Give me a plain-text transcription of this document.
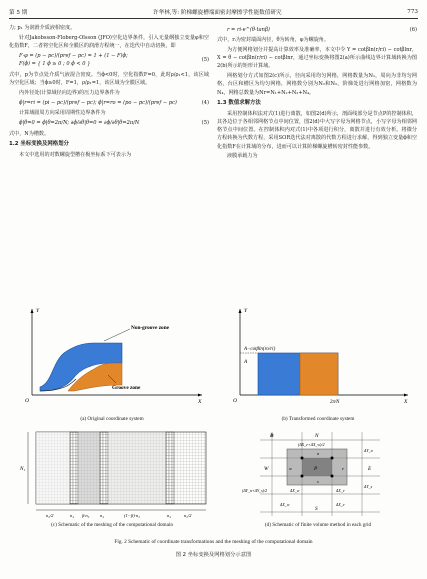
第 5 期	许华林,等: 阶梯螺旋槽端面密封摩擦学性能数值研究	773

力; p₁ 为润滑介质液相密度。

针对Jakobsson-Floberg-Olsson (JFO)空化边界条件，引入无量纲独立变量φ和空化指数F，二者将空化区和全膜区的润滑方程统一，在迭代中自动切换，即

F·φ = (p − pc)/(pref − pc) = 1 + (1 − F)ϕ;
F(ϕ) = { 1 ϕ ≥ 0 ; 0 ϕ < 0 }
(5)

式中，p为节点处介质气液混合密度。当ϕ<0时，空化指数F=0，此时ρ/ρ₁<1，该区域为空化区域；当ϕ≥0时，F=1，ρ/ρ₁=1，该区域为全膜区域。

内外径处(计算域径向边界)的压力边界条件为

ϕ|r=ri = (pi − pc)/(pref − pc); ϕ|r=ro = (po − pc)/(pref − pc)	(4)

计算域圆周方向采用周期性边界条件为

ϕ|θ=0 = ϕ|θ=2π/N; ∂ϕ/∂θ|θ=0 = ∂ϕ/∂θ|θ=2π/N	(5)

式中，N为槽数。

1.2 坐标变换及网格划分

本文中选用的对数螺旋型槽在极坐标系下可表示为

r = ri·e^(θ·tanβ)	(6)

式中，rᵢ为密封端面内径，θ为转角，φ为螺旋角。

为方便网格划分并提高计算效率及准确率，本文中令 Y = cotβln(r/ri) − cotβlnr，X = θ − cotβln(r/ri) − cotβlnr，通过坐标变换将图2(a)所示曲线边界计算域转换为图2(b)所示的矩形计算域。

网格划分方式如图2(c)所示，径向采用均匀网格，网格数量为N₁，周向为非均匀网格，台区和槽区为均匀网格，网格数分别为N₂和N₃，阶梯处进行网格加密，网格数为N₄，网格总数量为Nr=N₁+N₂+N₃+N₄。

1.3 数值求解方法

采用控制体积法对式(1)进行离散，如图2(d)所示，剖面线部分是节点P的控制体积，其各边位于各相邻网格节点中间位置，图2(d)中大写字母为网格节点，小写字母为相邻网格节点中间位置。在控制体积内对式(1)中各项进行积分，离散并进行有效分析。将微分方程转换为代数方程，采用SOR迭代法对离散的代数方程进行求解，得到独立变量ϕ和空化指数F在计算域的分布，进而可以计算阶梯螺旋槽转密封性能参数。

液膜承载力为

Non-groove zone
Groove zone
X
Y
O
(a) Original coordinate system
A−cotβln(ro/ri)
A
X
Y
O	2π/N
(b) Transformed coordinate system
N₁
n₂/2	n₄ β·n₃ n₄	(1−β)·n₃	n₄	n₂/2
(c) Schematic of the meshing of the computational domain
B	N
W	P	E
S
n
s
w	e
(ΔX_e+ΔX_w)/2
ΔY_n
ΔY_s
ΔX_e
ΔX_w
(ΔY_n+ΔY_s)/2
ΔX_w	ΔX_e
(d) Schematic of finite volume method in each grid
Fig. 2 Schematic of coordinate transformations and the meshing of the computational domain
图 2 坐标变换及网格划分示意图
